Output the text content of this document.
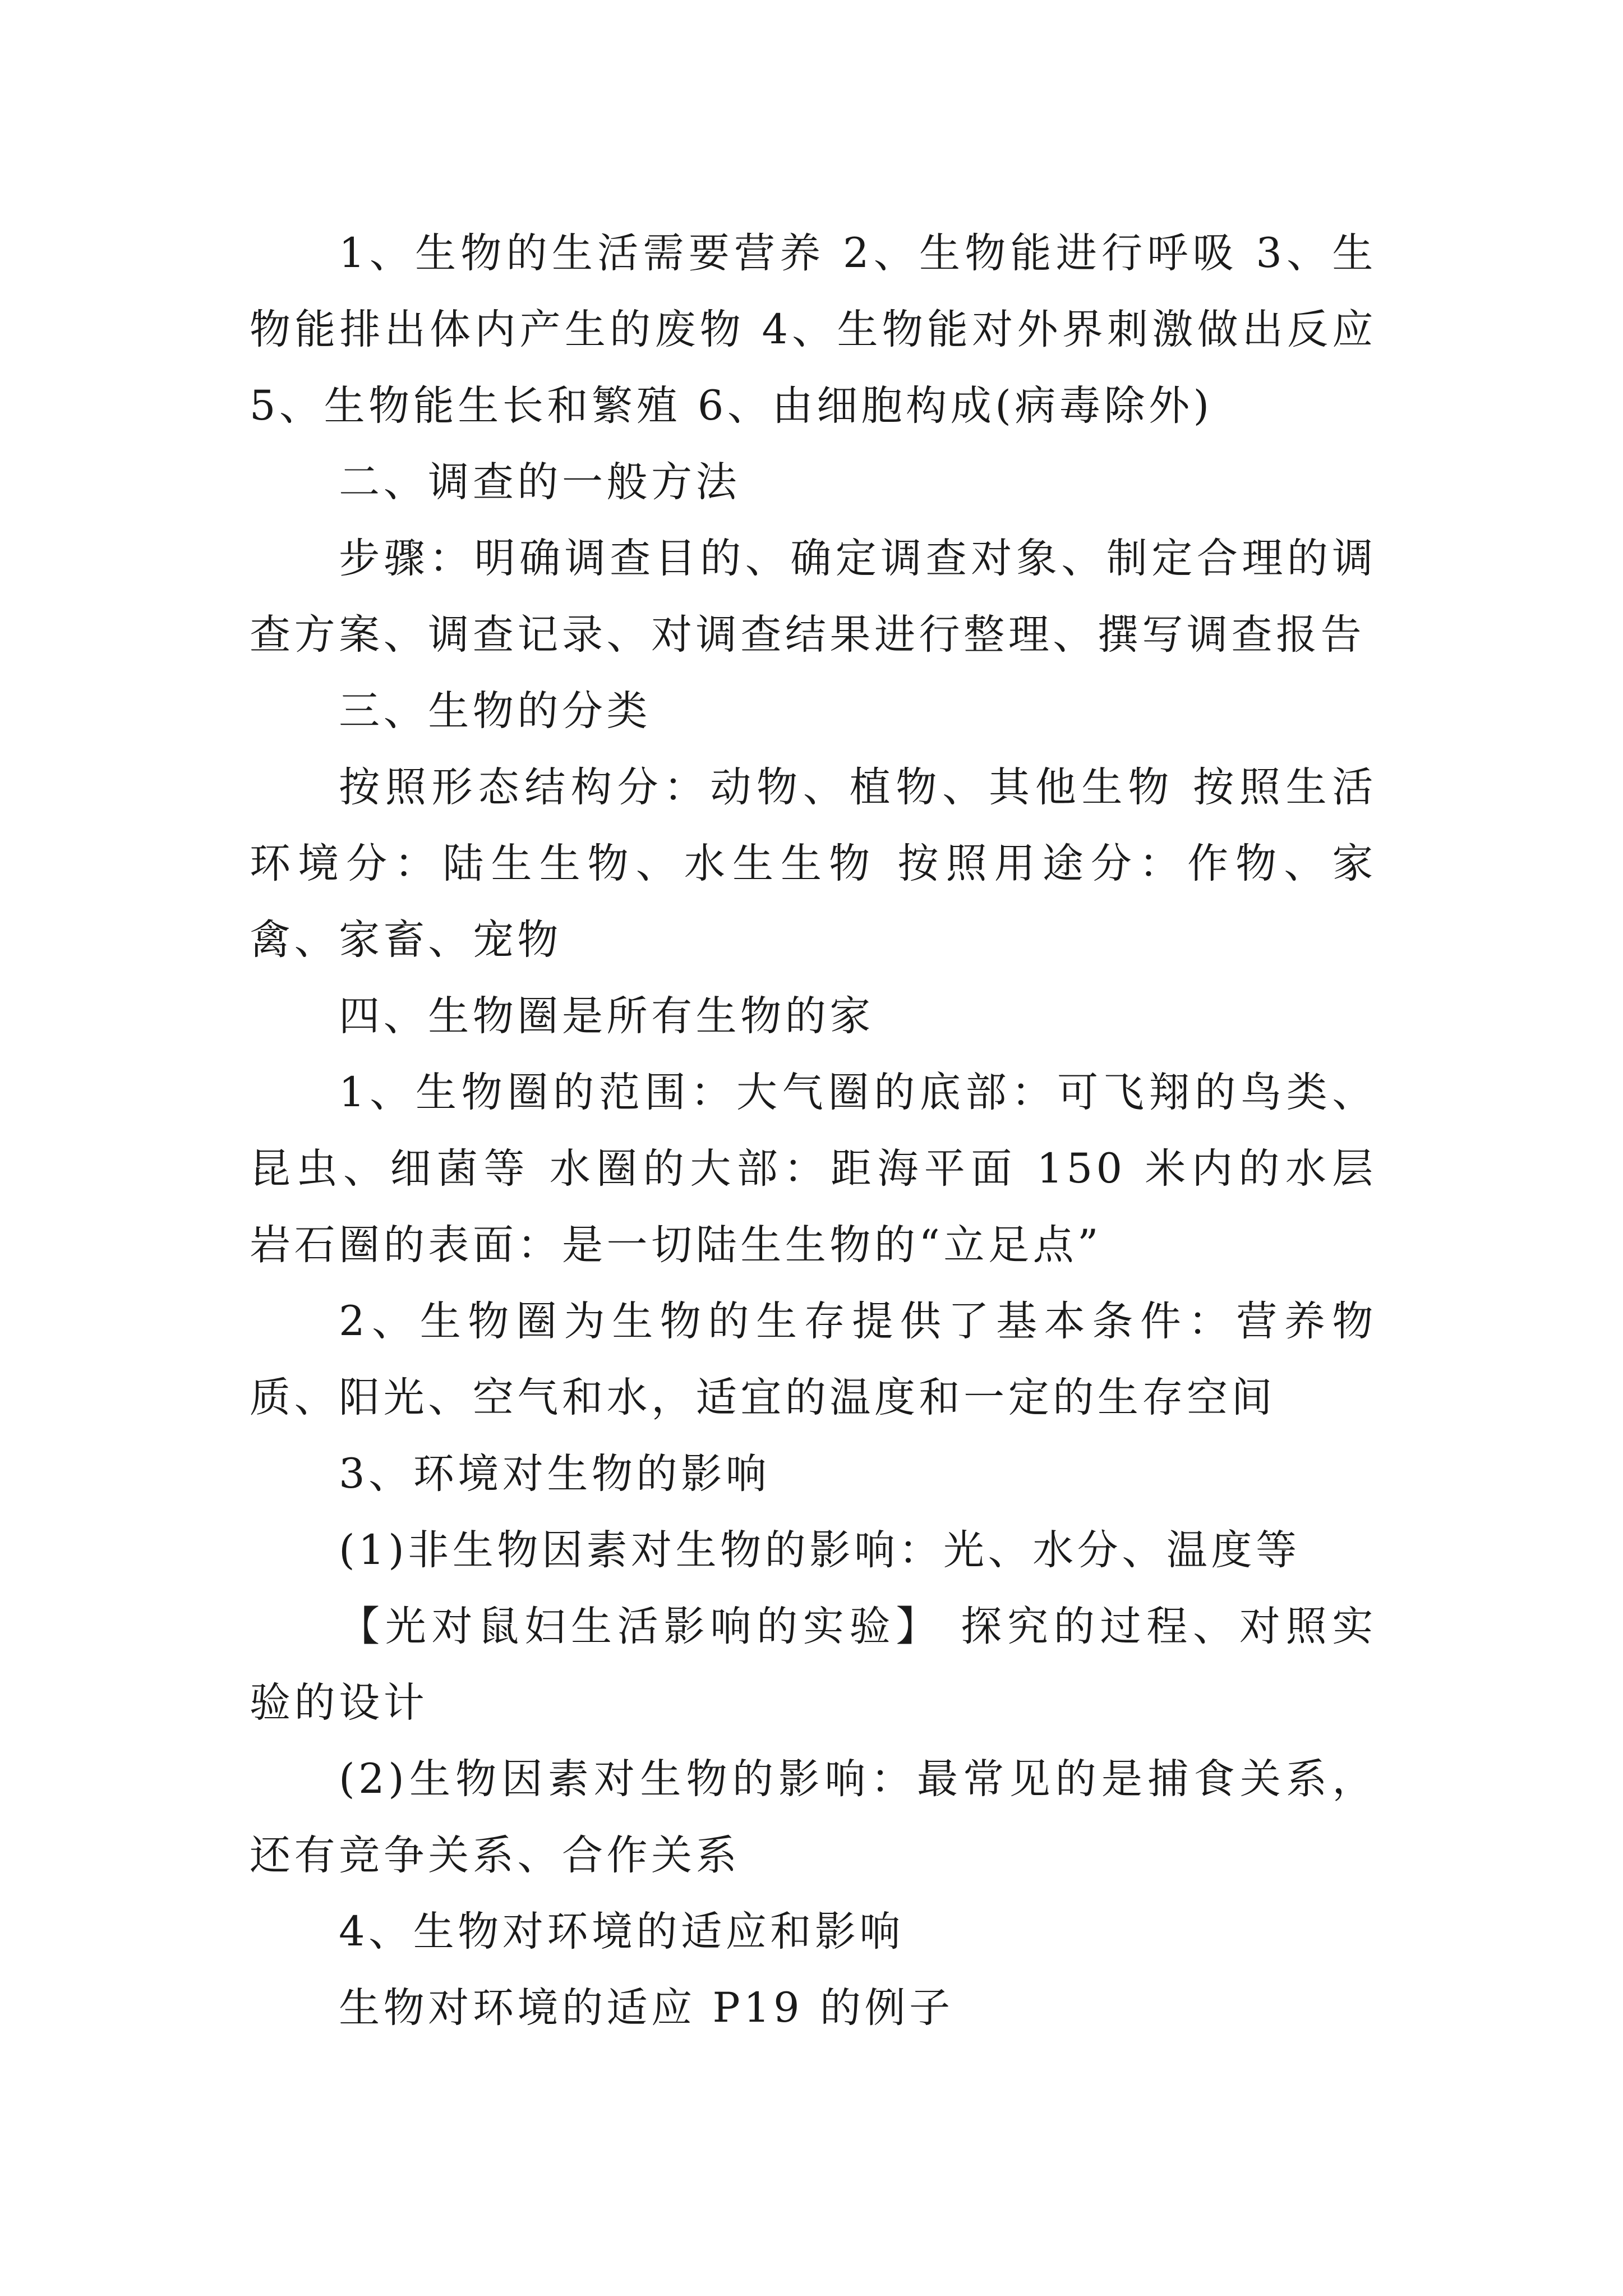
1、生物的生活需要营养 2、生物能进行呼吸 3、生物能排出体内产生的废物 4、生物能对外界刺激做出反应 5、生物能生长和繁殖 6、由细胞构成(病毒除外)

二、调查的一般方法

步骤：明确调查目的、确定调查对象、制定合理的调查方案、调查记录、对调查结果进行整理、撰写调查报告

三、生物的分类

按照形态结构分：动物、植物、其他生物 按照生活环境分：陆生生物、水生生物 按照用途分：作物、家禽、家畜、宠物

四、生物圈是所有生物的家

1、生物圈的范围：大气圈的底部：可飞翔的鸟类、昆虫、细菌等 水圈的大部：距海平面 150 米内的水层 岩石圈的表面：是一切陆生生物的“立足点”

2、生物圈为生物的生存提供了基本条件：营养物质、阳光、空气和水，适宜的温度和一定的生存空间

3、环境对生物的影响

(1)非生物因素对生物的影响：光、水分、温度等

【光对鼠妇生活影响的实验】 探究的过程、对照实验的设计

(2)生物因素对生物的影响：最常见的是捕食关系，还有竞争关系、合作关系

4、生物对环境的适应和影响

生物对环境的适应 P19 的例子
